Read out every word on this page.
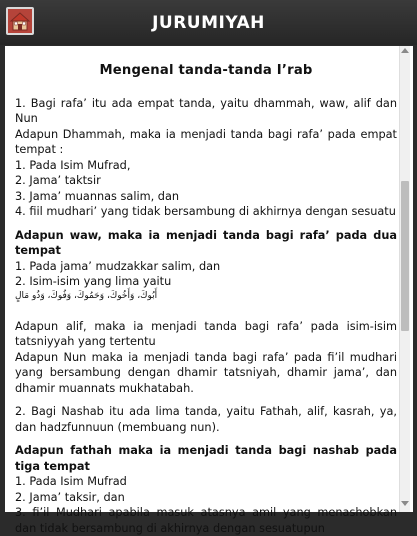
JURUMIYAH
Mengenal tanda-tanda I’rab
1. Bagi rafa’ itu ada empat tanda, yaitu dhammah, waw, alif dan Nun
Adapun Dhammah, maka ia menjadi tanda bagi rafa’ pada empat tempat :
1. Pada Isim Mufrad,
2. Jama’ taktsir
3. Jama’ muannas salim, dan
4. fiil mudhari’ yang tidak bersambung di akhirnya dengan sesuatu
Adapun waw, maka ia menjadi tanda bagi rafa’ pada dua tempat
1. Pada jama’ mudzakkar salim, dan
2. Isim-isim yang lima yaitu
أَبُوكَ، وَأَخُوكَ، وَحَمُوكَ، وَفُوكَ، وَذُو مَالٍ
Adapun alif, maka ia menjadi tanda bagi rafa’ pada isim-isim tatsniyyah yang tertentu
Adapun Nun maka ia menjadi tanda bagi rafa’ pada fi’il mudhari yang bersambung dengan dhamir tatsniyah, dhamir jama’, dan dhamir muannats mukhatabah.
2. Bagi Nashab itu ada lima tanda, yaitu Fathah, alif, kasrah, ya, dan hadzfunnuun (membuang nun).
Adapun fathah maka ia menjadi tanda bagi nashab pada tiga tempat
1. Pada Isim Mufrad
2. Jama’ taksir, dan
3. fi’il Mudhari apabila masuk atasnya amil yang menashobkan dan tidak bersambung di akhirnya dengan sesuatupun
